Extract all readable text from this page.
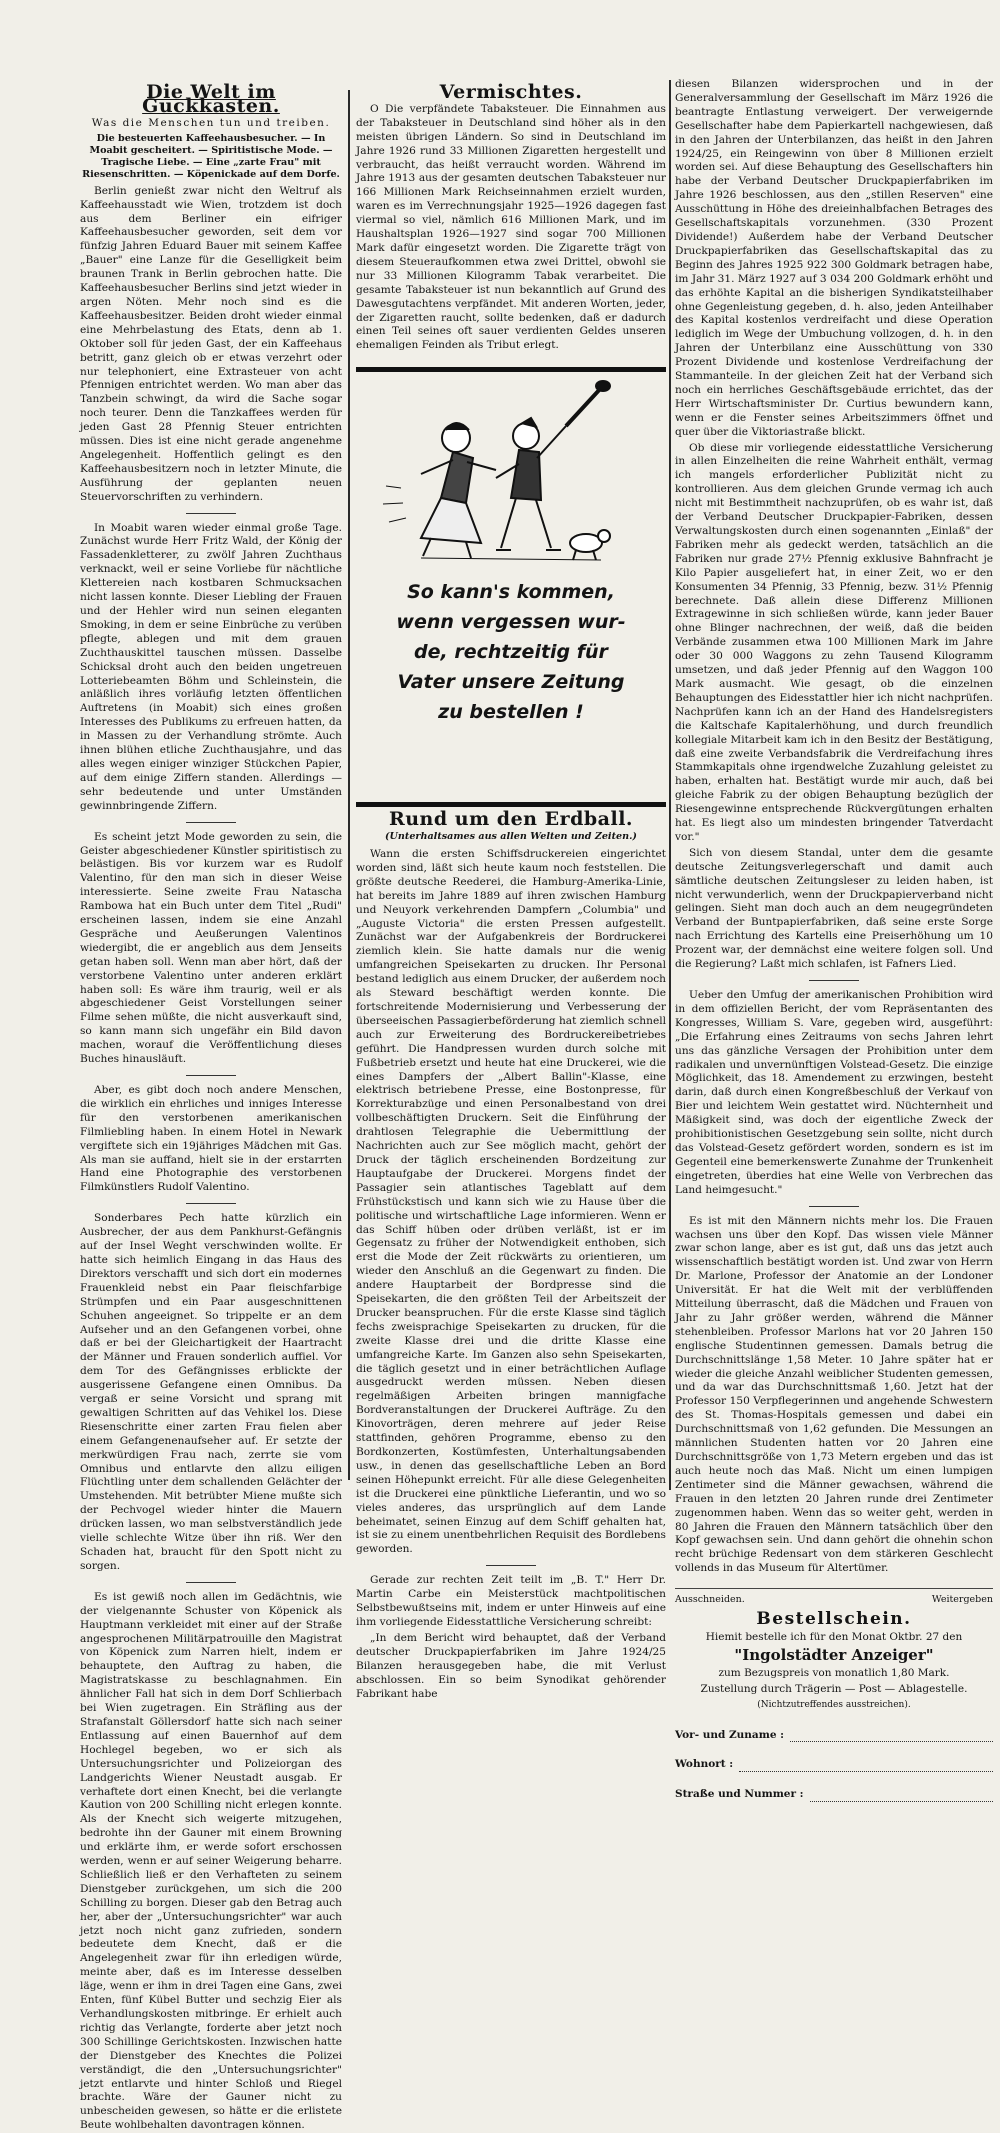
Die Welt im Guckkasten.
Was die Menschen tun und treiben.
Die besteuerten Kaffeehausbesucher. — In Moabit gescheitert. — Spiritistische Mode. — Tragische Liebe. — Eine „zarte Frau" mit Riesenschritten. — Köpenickade auf dem Dorfe.

Berlin genießt zwar nicht den Weltruf als Kaffeehausstadt wie Wien, trotzdem ist doch aus dem Berliner ein eifriger Kaffeehausbesucher geworden, seit dem vor fünfzig Jahren Eduard Bauer mit seinem Kaffee „Bauer" eine Lanze für die Geselligkeit beim braunen Trank in Berlin gebrochen hatte. Die Kaffeehausbesucher Berlins sind jetzt wieder in argen Nöten. Mehr noch sind es die Kaffeehausbesitzer. Beiden droht wieder einmal eine Mehrbelastung des Etats, denn ab 1. Oktober soll für jeden Gast, der ein Kaffeehaus betritt, ganz gleich ob er etwas verzehrt oder nur telephoniert, eine Extrasteuer von acht Pfennigen entrichtet werden. Wo man aber das Tanzbein schwingt, da wird die Sache sogar noch teurer. Denn die Tanzkaffees werden für jeden Gast 28 Pfennig Steuer entrichten müssen. Dies ist eine nicht gerade angenehme Angelegenheit. Hoffentlich gelingt es den Kaffeehausbesitzern noch in letzter Minute, die Ausführung der geplanten neuen Steuervorschriften zu verhindern.

In Moabit waren wieder einmal große Tage. Zunächst wurde Herr Fritz Wald, der König der Fassadenkletterer, zu zwölf Jahren Zuchthaus verknackt, weil er seine Vorliebe für nächtliche Klettereien nach kostbaren Schmucksachen nicht lassen konnte. Dieser Liebling der Frauen und der Hehler wird nun seinen eleganten Smoking, in dem er seine Einbrüche zu verüben pflegte, ablegen und mit dem grauen Zuchthauskittel tauschen müssen. Dasselbe Schicksal droht auch den beiden ungetreuen Lotteriebeamten Böhm und Schleinstein, die anläßlich ihres vorläufig letzten öffentlichen Auftretens (in Moabit) sich eines großen Interesses des Publikums zu erfreuen hatten, da in Massen zu der Verhandlung strömte. Auch ihnen blühen etliche Zuchthausjahre, und das alles wegen einiger winziger Stückchen Papier, auf dem einige Ziffern standen. Allerdings — sehr bedeutende und unter Umständen gewinnbringende Ziffern.

Es scheint jetzt Mode geworden zu sein, die Geister abgeschiedener Künstler spiritistisch zu belästigen. Bis vor kurzem war es Rudolf Valentino, für den man sich in dieser Weise interessierte. Seine zweite Frau Natascha Rambowa hat ein Buch unter dem Titel „Rudi" erscheinen lassen, indem sie eine Anzahl Gespräche und Aeußerungen Valentinos wiedergibt, die er angeblich aus dem Jenseits getan haben soll. Wenn man aber hört, daß der verstorbene Valentino unter anderen erklärt haben soll: Es wäre ihm traurig, weil er als abgeschiedener Geist Vorstellungen seiner Filme sehen müßte, die nicht ausverkauft sind, so kann mann sich ungefähr ein Bild davon machen, worauf die Veröffentlichung dieses Buches hinausläuft.

Aber, es gibt doch noch andere Menschen, die wirklich ein ehrliches und inniges Interesse für den verstorbenen amerikanischen Filmliebling haben. In einem Hotel in Newark vergiftete sich ein 19jähriges Mädchen mit Gas. Als man sie auffand, hielt sie in der erstarrten Hand eine Photographie des verstorbenen Filmkünstlers Rudolf Valentino.

Sonderbares Pech hatte kürzlich ein Ausbrecher, der aus dem Pankhurst-Gefängnis auf der Insel Weght verschwinden wollte. Er hatte sich heimlich Eingang in das Haus des Direktors verschafft und sich dort ein modernes Frauenkleid nebst ein Paar fleischfarbige Strümpfen und ein Paar ausgeschnittenen Schuhen angeeignet. So trippelte er an dem Aufseher und an den Gefangenen vorbei, ohne daß er bei der Gleichartigkeit der Haartracht der Männer und Frauen sonderlich auffiel. Vor dem Tor des Gefängnisses erblickte der ausgerissene Gefangene einen Omnibus. Da vergaß er seine Vorsicht und sprang mit gewaltigen Schritten auf das Vehikel los. Diese Riesenschritte einer zarten Frau fielen aber einem Gefangenenaufseher auf. Er setzte der merkwürdigen Frau nach, zerrte sie vom Omnibus und entlarvte den allzu eiligen Flüchtling unter dem schallenden Gelächter der Umstehenden. Mit betrübter Miene mußte sich der Pechvogel wieder hinter die Mauern drücken lassen, wo man selbstverständlich jede vielle schlechte Witze über ihn riß. Wer den Schaden hat, braucht für den Spott nicht zu sorgen.

Es ist gewiß noch allen im Gedächtnis, wie der vielgenannte Schuster von Köpenick als Hauptmann verkleidet mit einer auf der Straße angesprochenen Militärpatrouille den Magistrat von Köpenick zum Narren hielt, indem er behauptete, den Auftrag zu haben, die Magistratskasse zu beschlagnahmen. Ein ähnlicher Fall hat sich in dem Dorf Schlierbach bei Wien zugetragen. Ein Sträfling aus der Strafanstalt Göllersdorf hatte sich nach seiner Entlassung auf einen Bauernhof auf dem Hochlegel begeben, wo er sich als Untersuchungsrichter und Polizeiorgan des Landgerichts Wiener Neustadt ausgab. Er verhaftete dort einen Knecht, bei die verlangte Kaution von 200 Schilling nicht erlegen konnte. Als der Knecht sich weigerte mitzugehen, bedrohte ihn der Gauner mit einem Browning und erklärte ihm, er werde sofort erschossen werden, wenn er auf seiner Weigerung beharre. Schließlich ließ er den Verhafteten zu seinem Dienstgeber zurückgehen, um sich die 200 Schilling zu borgen. Dieser gab den Betrag auch her, aber der „Untersuchungsrichter" war auch jetzt noch nicht ganz zufrieden, sondern bedeutete dem Knecht, daß er die Angelegenheit zwar für ihn erledigen würde, meinte aber, daß es im Interesse desselben läge, wenn er ihm in drei Tagen eine Gans, zwei Enten, fünf Kübel Butter und sechzig Eier als Verhandlungskosten mitbringe. Er erhielt auch richtig das Verlangte, forderte aber jetzt noch 300 Schillinge Gerichtskosten. Inzwischen hatte der Dienstgeber des Knechtes die Polizei verständigt, die den „Untersuchungsrichter" jetzt entlarvte und hinter Schloß und Riegel brachte. Wäre der Gauner nicht zu unbescheiden gewesen, so hätte er die erlistete Beute wohlbehalten davontragen können.

Vermischtes.

O Die verpfändete Tabaksteuer. Die Einnahmen aus der Tabaksteuer in Deutschland sind höher als in den meisten übrigen Ländern. So sind in Deutschland im Jahre 1926 rund 33 Millionen Zigaretten hergestellt und verbraucht, das heißt verraucht worden. Während im Jahre 1913 aus der gesamten deutschen Tabaksteuer nur 166 Millionen Mark Reichseinnahmen erzielt wurden, waren es im Verrechnungsjahr 1925—1926 dagegen fast viermal so viel, nämlich 616 Millionen Mark, und im Haushaltsplan 1926—1927 sind sogar 700 Millionen Mark dafür eingesetzt worden. Die Zigarette trägt von diesem Steueraufkommen etwa zwei Drittel, obwohl sie nur 33 Millionen Kilogramm Tabak verarbeitet. Die gesamte Tabaksteuer ist nun bekanntlich auf Grund des Dawesgutachtens verpfändet. Mit anderen Worten, jeder, der Zigaretten raucht, sollte bedenken, daß er dadurch einen Teil seines oft sauer verdienten Geldes unseren ehemaligen Feinden als Tribut erlegt.

So kann's kommen,
wenn vergessen wur-
de, rechtzeitig für
Vater unsere Zeitung
zu bestellen !
Rund um den Erdball.
(Unterhaltsames aus allen Welten und Zeiten.)

Wann die ersten Schiffsdruckereien eingerichtet worden sind, läßt sich heute kaum noch feststellen. Die größte deutsche Reederei, die Hamburg-Amerika-Linie, hat bereits im Jahre 1889 auf ihren zwischen Hamburg und Neuyork verkehrenden Dampfern „Columbia" und „Auguste Victoria" die ersten Pressen aufgestellt. Zunächst war der Aufgabenkreis der Bordruckerei ziemlich klein. Sie hatte damals nur die wenig umfangreichen Speisekarten zu drucken. Ihr Personal bestand lediglich aus einem Drucker, der außerdem noch als Steward beschäftigt werden konnte. Die fortschreitende Modernisierung und Verbesserung der überseeischen Passagierbeförderung hat ziemlich schnell auch zur Erweiterung des Bordruckereibetriebes geführt. Die Handpressen wurden durch solche mit Fußbetrieb ersetzt und heute hat eine Druckerei, wie die eines Dampfers der „Albert Ballin"-Klasse, eine elektrisch betriebene Presse, eine Bostonpresse, für Korrekturabzüge und einen Personalbestand von drei vollbeschäftigten Druckern. Seit die Einführung der drahtlosen Telegraphie die Uebermittlung der Nachrichten auch zur See möglich macht, gehört der Druck der täglich erscheinenden Bordzeitung zur Hauptaufgabe der Druckerei. Morgens findet der Passagier sein atlantisches Tageblatt auf dem Frühstückstisch und kann sich wie zu Hause über die politische und wirtschaftliche Lage informieren. Wenn er das Schiff hüben oder drüben verläßt, ist er im Gegensatz zu früher der Notwendigkeit enthoben, sich erst die Mode der Zeit rückwärts zu orientieren, um wieder den Anschluß an die Gegenwart zu finden. Die andere Hauptarbeit der Bordpresse sind die Speisekarten, die den größten Teil der Arbeitszeit der Drucker beanspruchen. Für die erste Klasse sind täglich fechs zweisprachige Speisekarten zu drucken, für die zweite Klasse drei und die dritte Klasse eine umfangreiche Karte. Im Ganzen also sehn Speisekarten, die täglich gesetzt und in einer beträchtlichen Auflage ausgedruckt werden müssen. Neben diesen regelmäßigen Arbeiten bringen mannigfache Bordveranstaltungen der Druckerei Aufträge. Zu den Kinovorträgen, deren mehrere auf jeder Reise stattfinden, gehören Programme, ebenso zu den Bordkonzerten, Kostümfesten, Unterhaltungsabenden usw., in denen das gesellschaftliche Leben an Bord seinen Höhepunkt erreicht. Für alle diese Gelegenheiten ist die Druckerei eine pünktliche Lieferantin, und wo so vieles anderes, das ursprünglich auf dem Lande beheimatet, seinen Einzug auf dem Schiff gehalten hat, ist sie zu einem unentbehrlichen Requisit des Bordlebens geworden.

Gerade zur rechten Zeit teilt im „B. T." Herr Dr. Martin Carbe ein Meisterstück machtpolitischen Selbstbewußtseins mit, indem er unter Hinweis auf eine ihm vorliegende Eidesstattliche Versicherung schreibt:

„In dem Bericht wird behauptet, daß der Verband deutscher Druckpapierfabriken im Jahre 1924/25 Bilanzen herausgegeben habe, die mit Verlust abschlossen. Ein so beim Synodikat gehörender Fabrikant habe

diesen Bilanzen widersprochen und in der Generalversammlung der Gesellschaft im März 1926 die beantragte Entlastung verweigert. Der verweigernde Gesellschafter habe dem Papierkartell nachgewiesen, daß in den Jahren der Unterbilanzen, das heißt in den Jahren 1924/25, ein Reingewinn von über 8 Millionen erzielt worden sei. Auf diese Behauptung des Gesellschafters hin habe der Verband Deutscher Druckpapierfabriken im Jahre 1926 beschlossen, aus den „stillen Reserven" eine Ausschüttung in Höhe des dreieinhalbfachen Betrages des Gesellschaftskapitals vorzunehmen. (330 Prozent Dividende!) Außerdem habe der Verband Deutscher Druckpapierfabriken das Gesellschaftskapital das zu Beginn des Jahres 1925 922 300 Goldmark betragen habe, im Jahr 31. März 1927 auf 3 034 200 Goldmark erhöht und das erhöhte Kapital an die bisherigen Syndikatsteilhaber ohne Gegenleistung gegeben, d. h. also, jeden Anteilhaber des Kapital kostenlos verdreifacht und diese Operation lediglich im Wege der Umbuchung vollzogen, d. h. in den Jahren der Unterbilanz eine Ausschüttung von 330 Prozent Dividende und kostenlose Verdreifachung der Stammanteile. In der gleichen Zeit hat der Verband sich noch ein herrliches Geschäftsgebäude errichtet, das der Herr Wirtschaftsminister Dr. Curtius bewundern kann, wenn er die Fenster seines Arbeitszimmers öffnet und quer über die Viktoriastraße blickt.

Ob diese mir vorliegende eidesstattliche Versicherung in allen Einzelheiten die reine Wahrheit enthält, vermag ich mangels erforderlicher Publizität nicht zu kontrollieren. Aus dem gleichen Grunde vermag ich auch nicht mit Bestimmtheit nachzuprüfen, ob es wahr ist, daß der Verband Deutscher Druckpapier-Fabriken, dessen Verwaltungskosten durch einen sogenannten „Einlaß" der Fabriken mehr als gedeckt werden, tatsächlich an die Fabriken nur grade 27½ Pfennig exklusive Bahnfracht je Kilo Papier ausgeliefert hat, in einer Zeit, wo er den Konsumenten 34 Pfennig, 33 Pfennig, bezw. 31½ Pfennig berechnete. Daß allein diese Differenz Millionen Extragewinne in sich schließen würde, kann jeder Bauer ohne Blinger nachrechnen, der weiß, daß die beiden Verbände zusammen etwa 100 Millionen Mark im Jahre oder 30 000 Waggons zu zehn Tausend Kilogramm umsetzen, und daß jeder Pfennig auf den Waggon 100 Mark ausmacht. Wie gesagt, ob die einzelnen Behauptungen des Eidesstattler hier ich nicht nachprüfen. Nachprüfen kann ich an der Hand des Handelsregisters die Kaltschafe Kapitalerhöhung, und durch freundlich kollegiale Mitarbeit kam ich in den Besitz der Bestätigung, daß eine zweite Verbandsfabrik die Verdreifachung ihres Stammkapitals ohne irgendwelche Zuzahlung geleistet zu haben, erhalten hat. Bestätigt wurde mir auch, daß bei gleiche Fabrik zu der obigen Behauptung bezüglich der Riesengewinne entsprechende Rückvergütungen erhalten hat. Es liegt also um mindesten bringender Tatverdacht vor."

Sich von diesem Standal, unter dem die gesamte deutsche Zeitungsverlegerschaft und damit auch sämtliche deutschen Zeitungsleser zu leiden haben, ist nicht verwunderlich, wenn der Druckpapierverband nicht gelingen. Sieht man doch auch an dem neugegründeten Verband der Buntpapierfabriken, daß seine erste Sorge nach Errichtung des Kartells eine Preiserhöhung um 10 Prozent war, der demnächst eine weitere folgen soll. Und die Regierung? Laßt mich schlafen, ist Fafners Lied.

Ueber den Umfug der amerikanischen Prohibition wird in dem offiziellen Bericht, der vom Repräsentanten des Kongresses, William S. Vare, gegeben wird, ausgeführt: „Die Erfahrung eines Zeitraums von sechs Jahren lehrt uns das gänzliche Versagen der Prohibition unter dem radikalen und unvernünftigen Volstead-Gesetz. Die einzige Möglichkeit, das 18. Amendement zu erzwingen, besteht darin, daß durch einen Kongreßbeschluß der Verkauf von Bier und leichtem Wein gestattet wird. Nüchternheit und Mäßigkeit sind, was doch der eigentliche Zweck der prohibitionistischen Gesetzgebung sein sollte, nicht durch das Volstead-Gesetz gefördert worden, sondern es ist im Gegenteil eine bemerkenswerte Zunahme der Trunkenheit eingetreten, überdies hat eine Welle von Verbrechen das Land heimgesucht."

Es ist mit den Männern nichts mehr los. Die Frauen wachsen uns über den Kopf. Das wissen viele Männer zwar schon lange, aber es ist gut, daß uns das jetzt auch wissenschaftlich bestätigt worden ist. Und zwar von Herrn Dr. Marlone, Professor der Anatomie an der Londoner Universität. Er hat die Welt mit der verblüffenden Mitteilung überrascht, daß die Mädchen und Frauen von Jahr zu Jahr größer werden, während die Männer stehenbleiben. Professor Marlons hat vor 20 Jahren 150 englische Studentinnen gemessen. Damals betrug die Durchschnittslänge 1,58 Meter. 10 Jahre später hat er wieder die gleiche Anzahl weiblicher Studenten gemessen, und da war das Durchschnittsmaß 1,60. Jetzt hat der Professor 150 Verpflegerinnen und angehende Schwestern des St. Thomas-Hospitals gemessen und dabei ein Durchschnittsmaß von 1,62 gefunden. Die Messungen an männlichen Studenten hatten vor 20 Jahren eine Durchschnittsgröße von 1,73 Metern ergeben und das ist auch heute noch das Maß. Nicht um einen lumpigen Zentimeter sind die Männer gewachsen, während die Frauen in den letzten 20 Jahren runde drei Zentimeter zugenommen haben. Wenn das so weiter geht, werden in 80 Jahren die Frauen den Männern tatsächlich über den Kopf gewachsen sein. Und dann gehört die ohnehin schon recht brüchige Redensart von dem stärkeren Geschlecht vollends in das Museum für Altertümer.

Ausschneiden.	Weitergeben
Bestellschein.
Hiemit bestelle ich für den Monat Oktbr. 27 den
"Ingolstädter Anzeiger"
zum Bezugspreis von monatlich 1,80 Mark.
Zustellung durch Trägerin — Post — Ablagestelle.
(Nichtzutreffendes ausstreichen).
Vor- und Zuname :
Wohnort :
Straße und Nummer :
